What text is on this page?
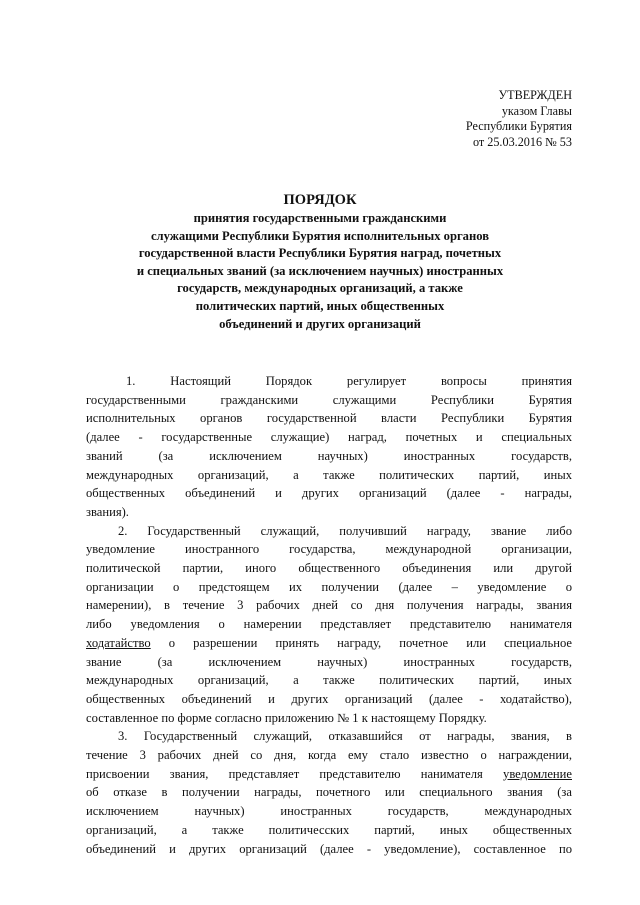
УТВЕРЖДЕН
указом Главы
Республики Бурятия
от 25.03.2016 № 53
ПОРЯДОК
принятия государственными гражданскими
служащими Республики Бурятия исполнительных органов
государственной власти Республики Бурятия наград, почетных
и специальных званий (за исключением научных) иностранных
государств, международных организаций, а также
политических партий, иных общественных
объединений и других организаций
1. Настоящий Порядок регулирует вопросы принятия
государственными гражданскими служащими Республики Бурятия
исполнительных органов государственной власти Республики Бурятия
(далее - государственные служащие) наград, почетных и специальных
званий (за исключением научных) иностранных государств,
международных организаций, а также политических партий, иных
общественных объединений и других организаций (далее - награды,
звания).
2. Государственный служащий, получивший награду, звание либо
уведомление иностранного государства, международной организации,
политической партии, иного общественного объединения или другой
организации о предстоящем их получении (далее – уведомление о
намерении), в течение 3 рабочих дней со дня получения награды, звания
либо уведомления о намерении представляет представителю нанимателя
ходатайство о разрешении принять награду, почетное или специальное
звание (за исключением научных) иностранных государств,
международных организаций, а также политических партий, иных
общественных объединений и других организаций (далее - ходатайство),
составленное по форме согласно приложению № 1 к настоящему Порядку.
3. Государственный служащий, отказавшийся от награды, звания, в
течение 3 рабочих дней со дня, когда ему стало известно о награждении,
присвоении звания, представляет представителю нанимателя уведомление
об отказе в получении награды, почетного или специального звания (за
исключением научных) иностранных государств, международных
организаций, а также политичесских партий, иных общественных
объединений и других организаций (далее - уведомление), составленное по
